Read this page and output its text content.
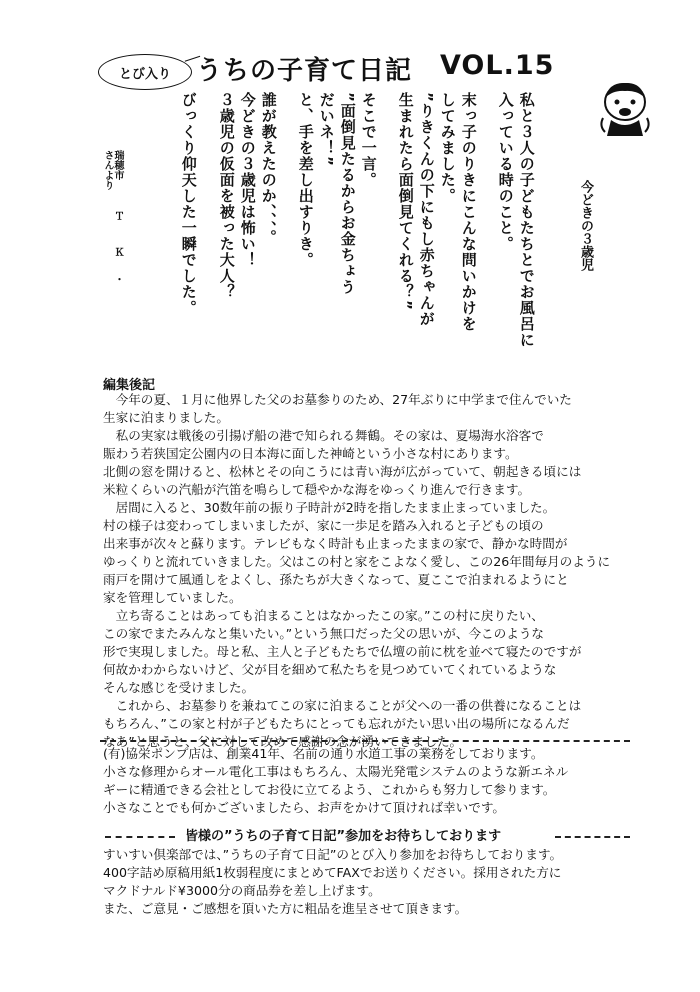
とび入り うちの子育て日記 VOL.15
私と３人の子どもたちとでお風呂に
入っている時のこと。
末っ子のりきにこんな問いかけを
してみました。
”りきくんの下にもし赤ちゃんが
生まれたら面倒見てくれる？”
そこで一言。
”面倒見たるからお金ちょう
だいネ！”
と、手を差し出すりき。
誰が教えたのか、、、。
今どきの３歳児は怖い！
３歳児の仮面を被った大人？
びっくり仰天した一瞬でした。	今どきの３歳児
瑞穂市 Ｔ Ｋ ・ さんより
編集後記
　今年の夏、１月に他界した父のお墓参りのため、27年ぶりに中学まで住んでいた
生家に泊まりました。
　私の実家は戦後の引揚げ船の港で知られる舞鶴。その家は、夏場海水浴客で
賑わう若狭国定公園内の日本海に面した神崎という小さな村にあります。
北側の窓を開けると、松林とその向こうには青い海が広がっていて、朝起きる頃には
米粒くらいの汽船が汽笛を鳴らして穏やかな海をゆっくり進んで行きます。
　居間に入ると、30数年前の振り子時計が2時を指したまま止まっていました。
村の様子は変わってしまいましたが、家に一歩足を踏み入れると子どもの頃の
出来事が次々と蘇ります。テレビもなく時計も止まったままの家で、静かな時間が
ゆっくりと流れていきました。父はこの村と家をこよなく愛し、この26年間毎月のように
雨戸を開けて風通しをよくし、孫たちが大きくなって、夏ここで泊まれるようにと
家を管理していました。
　立ち寄ることはあっても泊まることはなかったこの家。”この村に戻りたい、
この家でまたみんなと集いたい。”という無口だった父の思いが、今このような
形で実現しました。母と私、主人と子どもたちで仏壇の前に枕を並べて寝たのですが
何故かわからないけど、父が目を細めて私たちを見つめていてくれているような
そんな感じを受けました。
　これから、お墓参りを兼ねてこの家に泊まることが父への一番の供養になることは
もちろん、”この家と村が子どもたちにとっても忘れがたい思い出の場所になるんだ
なあ”と思うと、父に対して改めて感謝の念が湧いてきました。
(有)協栄ポンプ店は、創業41年、名前の通り水道工事の業務をしております。
小さな修理からオール電化工事はもちろん、太陽光発電システムのような新エネル
ギーに精通できる会社としてお役に立てるよう、これからも努力して参ります。
小さなことでも何かございましたら、お声をかけて頂ければ幸いです。
皆様の”うちの子育て日記”参加をお待ちしております
すいすい倶楽部では、”うちの子育て日記”のとび入り参加をお待ちしております。
400字詰め原稿用紙1枚弱程度にまとめてFAXでお送りください。採用された方に
マクドナルド¥3000分の商品券を差し上げます。
また、ご意見・ご感想を頂いた方に粗品を進呈させて頂きます。
